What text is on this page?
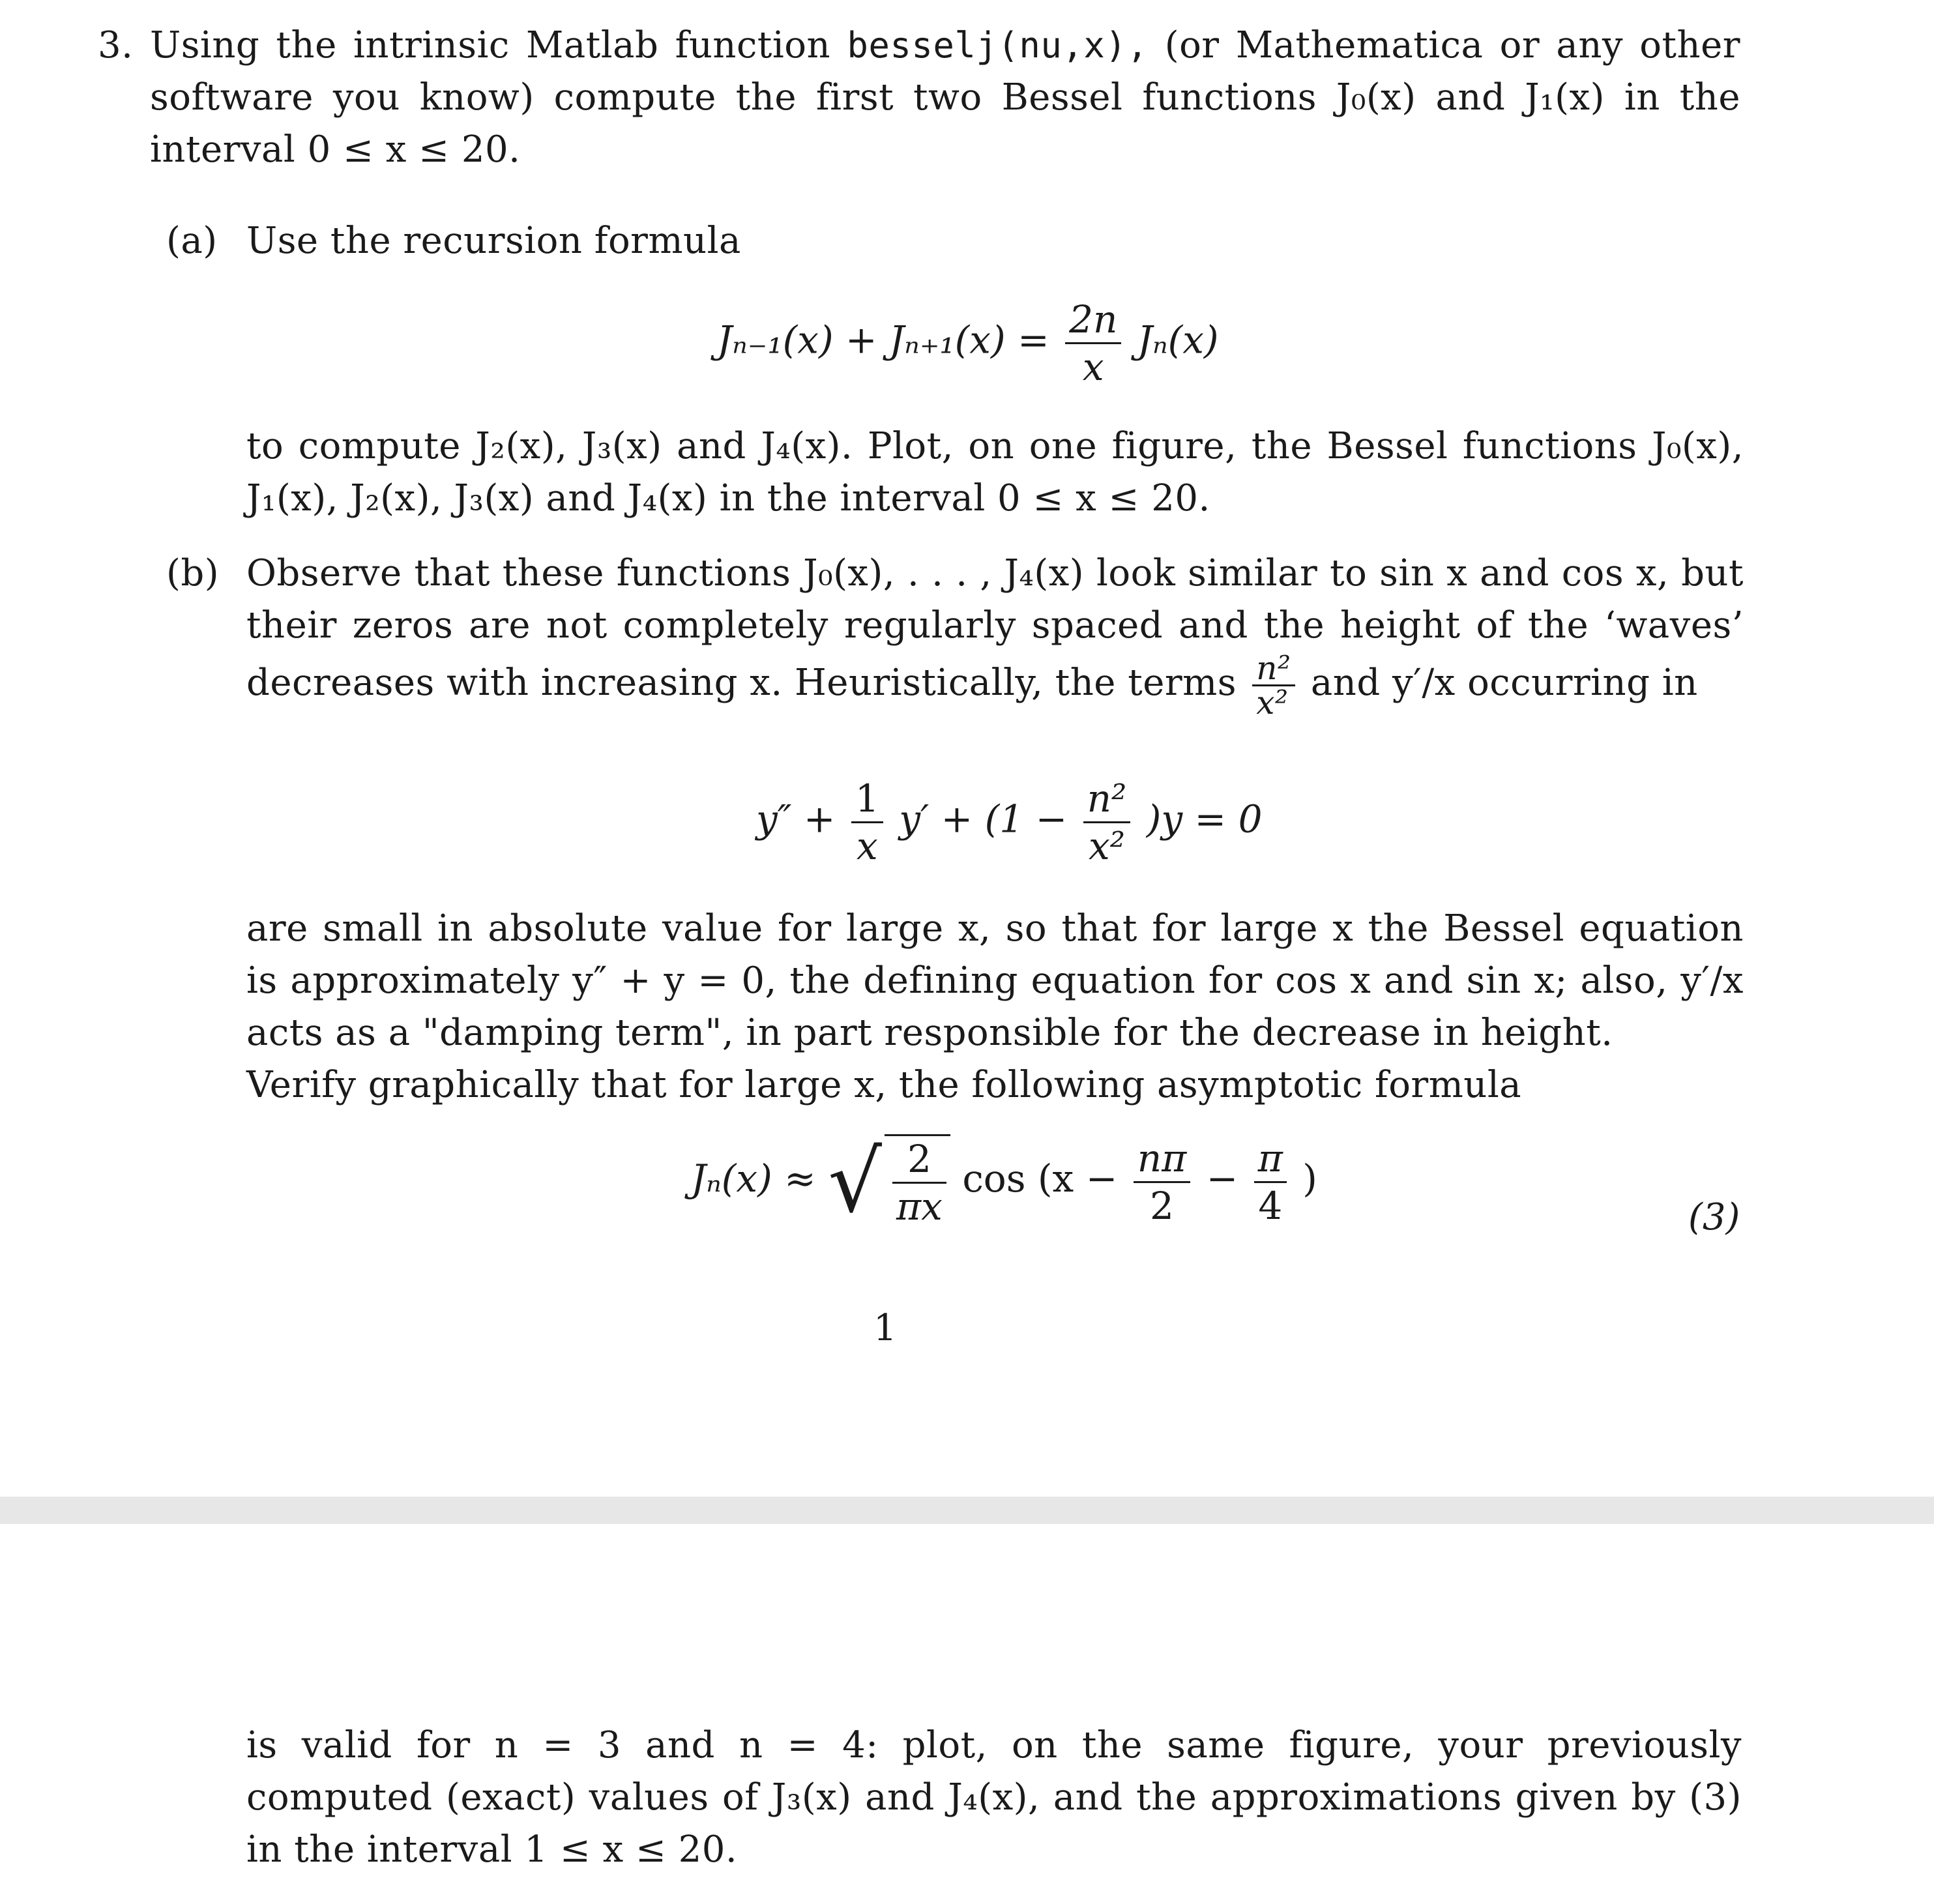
3. Using the intrinsic Matlab function besselj(nu,x), (or Mathematica or any other software you know) compute the first two Bessel functions J₀(x) and J₁(x) in the interval 0 ≤ x ≤ 20.
(a) Use the recursion formula
$J_{n-1}(x) + J_{n+1}(x) = \frac{2n}{x} J_n(x)$
to compute J₂(x), J₃(x) and J₄(x). Plot, on one figure, the Bessel functions J₀(x), J₁(x), J₂(x), J₃(x) and J₄(x) in the interval 0 ≤ x ≤ 20.
(b) Observe that these functions J₀(x), . . . , J₄(x) look similar to sin x and cos x, but their zeros are not completely regularly spaced and the height of the ‘waves’ decreases with increasing x. Heuristically, the terms $\frac{\text{n²}}{\text{x²}}$ and y′/x occurring in
$y'' + \frac{1}{x} y' + (1 - \frac{\text{n²}}{\text{x²}} )y = 0$
are small in absolute value for large x, so that for large x the Bessel equation is approximately y″ + y = 0, the defining equation for cos x and sin x; also, y′/x acts as a "damping term", in part responsible for the decrease in height.
Verify graphically that for large x, the following asymptotic formula
Jₙ(x) ≈ √ $\frac{2}{\pi x}$ $\cos (x - \frac{n\pi}{2} - \frac{\pi}{4}$ )
(3)
1
is valid for n = 3 and n = 4: plot, on the same figure, your previously computed (exact) values of J₃(x) and J₄(x), and the approximations given by (3) in the interval 1 ≤ x ≤ 20.
